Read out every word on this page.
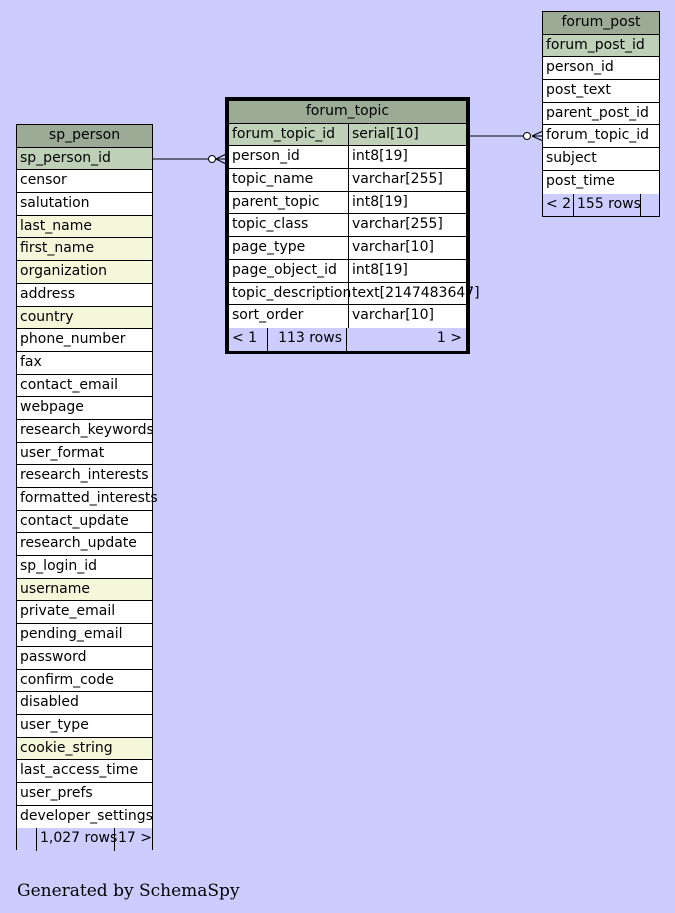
sp_person
sp_person_id
censor
salutation
last_name
first_name
organization
address
country
phone_number
fax
contact_email
webpage
research_keywords
user_format
research_interests
formatted_interests
contact_update
research_update
sp_login_id
username
private_email
pending_email
password
confirm_code
disabled
user_type
cookie_string
last_access_time
user_prefs
developer_settings
1,027 rows 17 >
forum_topic
forum_topic_id	serial[10]
person_id	int8[19]
topic_name	varchar[255]
parent_topic	int8[19]
topic_class	varchar[255]
page_type	varchar[10]
page_object_id	int8[19]
topic_description text[2147483647]
sort_order	varchar[10]
< 1	113 rows	1 >
forum_post
forum_post_id
person_id
post_text
parent_post_id
forum_topic_id
subject
post_time
< 2 155 rows
Generated by SchemaSpy
